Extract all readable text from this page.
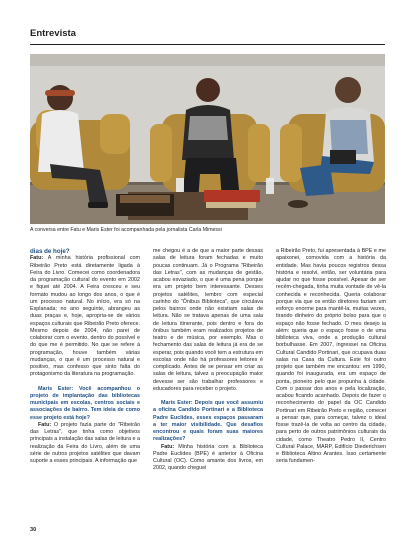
Entrevista
A conversa entre Fatu e Maris Ester foi acompanhada pela jornalista Carla Mimessi

dias de hoje?

Fatu: A minha história profissional com Ribeirão Preto está diretamente ligada à Feira do Livro. Comecei como coordenadora da programação cultural do evento em 2002 e fiquei até 2004. A Feira cresceu e seu formato mudou ao longo dos anos, o que é um processo natural. No início, era só na Esplanada; no ano seguinte, abrangeu as duas praças e, hoje, apropria-se de vários espaços culturais que Ribeirão Preto oferece. Mesmo depois de 2004, não parei de colaborar com o evento, dentro do possível e do que me é permitido. No que se refere à programação, houve também várias mudanças, o que é um processo natural e positivo, mas confesso que sinto falta do protagonismo da literatura na programação.

Maris Ester: Você acompanhou o projeto de implantação das bibliotecas municipais em escolas, centros sociais e associações de bairro. Tem ideia de como esse projeto está hoje?

Fatu: O projeto fazia parte do "Ribeirão das Letras", que tinha como objetivos principais a instalação das salas de leitura e a realização da Feira do Livro, além de uma série de outros projetos satélites que davam suporte a esses principais. A informação que

me chegou é a de que a maior parte dessas salas de leitura foram fechadas e muito poucas continuam. Já o Programa "Ribeirão das Letras", com as mudanças de gestão, acabou esvaziado, o que é uma pena porque era um projeto bem interessante. Desses projetos satélites, lembro com especial carinho do "Ônibus Biblioteca", que circulava pelos bairros onde não existiam salas de leitura. Não se tratava apenas de uma sala de leitura itinerante, pois dentro e fora do ônibus também eram realizados projetos de teatro e de música, por exemplo. Mas o fechamento das salas de leitura já era de se esperar, pois quando você tem a estrutura em escolas onde não há professores leitores é complicado. Antes de se pensar em criar as salas de leitura, talvez a preocupação maior devesse ser são trabalhar professores e educadores para receber o projeto.

Maris Ester: Depois que você assumiu a oficina Candido Portinari e a Biblioteca Padre Euclides, esses espaços passaram a ter maior visibilidade. Que desafios encontrou e quais foram suas maiores realizações?

Fatu: Minha história com a Biblioteca Padre Euclides (BPE) é anterior à Oficina Cultural (OC). Como amante dos livros, em 2002, quando cheguei

a Ribeirão Preto, fui apresentada à BPE e me apaixonei, comovida com a história da entidade. Mas havia poucos registros dessa história e resolvi, então, ser voluntária para ajudar no que fosse possível. Apesar de ser recém-chegada, tinha muita vontade de vê-la conhecida e reconhecida. Queria colaborar porque via que os então diretores faziam um esforço enorme para mantê-la, muitas vezes, tirando dinheiro do próprio bolso para que o espaço não fosse fechado. O meu desejo ia além: queria que o espaço fosse o de uma biblioteca viva, onde a produção cultural borbulhasse. Em 2007, ingressei na Oficina Cultural Candido Portinari, que ocupava duas salas na Casa da Cultura. Este foi outro projeto que também me encantou: em 1990, quando foi inaugurada, era um espaço de ponta, pioneiro pelo que propunha à cidade. Com o passar dos anos e pela localização, acabou ficando acanhado. Depois de fazer o reconhecimento do papel da OC Candido Portinari em Ribeirão Preto e região, comecei a pensar que, para começar, talvez o ideal fosse trazê-la de volta ao centro da cidade, para perto de outros patrimônios culturais da cidade, como Theatro Pedro II, Centro Cultural Palace, MARP, Edifício Diederichsen e Biblioteca Altino Arantes. Isso certamente seria fundamen-

30
